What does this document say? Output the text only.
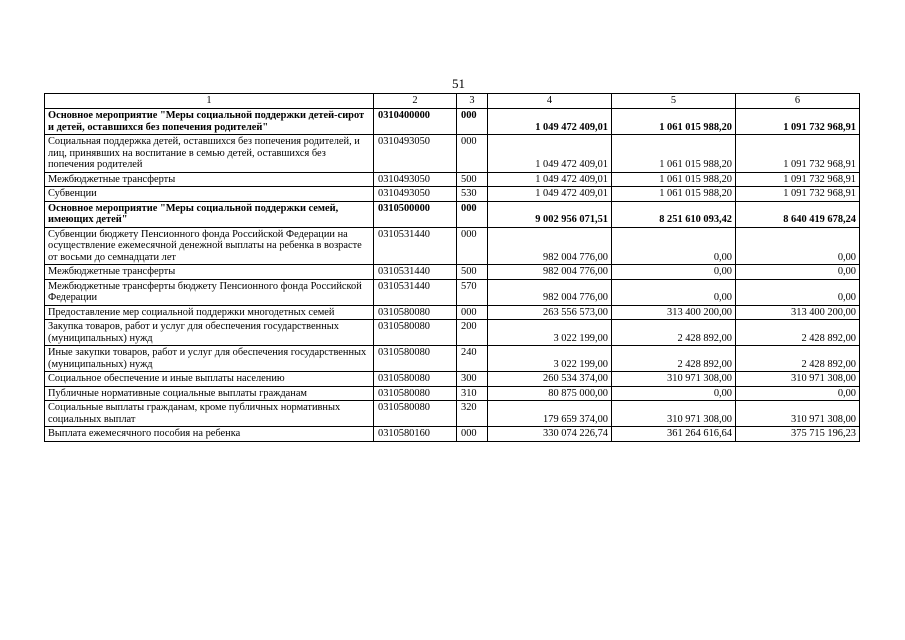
51
1	2	3	4	5	6
Основное мероприятие "Меры социальной поддержки детей-сирот и детей, оставшихся без попечения родителей"	0310400000	000	1 049 472 409,01	1 061 015 988,20	1 091 732 968,91
Социальная поддержка детей, оставшихся без попечения родителей, и лиц, принявших на воспитание в семью детей, оставшихся без попечения родителей	0310493050	000	1 049 472 409,01	1 061 015 988,20	1 091 732 968,91
Межбюджетные трансферты	0310493050	500	1 049 472 409,01	1 061 015 988,20	1 091 732 968,91
Субвенции	0310493050	530	1 049 472 409,01	1 061 015 988,20	1 091 732 968,91
Основное мероприятие "Меры социальной поддержки семей, имеющих детей"	0310500000	000	9 002 956 071,51	8 251 610 093,42	8 640 419 678,24
Субвенции бюджету Пенсионного фонда Российской Федерации на осуществление ежемесячной денежной выплаты на ребенка в возрасте от восьми до семнадцати лет	0310531440	000	982 004 776,00	0,00	0,00
Межбюджетные трансферты	0310531440	500	982 004 776,00	0,00	0,00
Межбюджетные трансферты бюджету Пенсионного фонда Российской Федерации	0310531440	570	982 004 776,00	0,00	0,00
Предоставление мер социальной поддержки многодетных семей	0310580080	000	263 556 573,00	313 400 200,00	313 400 200,00
Закупка товаров, работ и услуг для обеспечения государственных (муниципальных) нужд	0310580080	200	3 022 199,00	2 428 892,00	2 428 892,00
Иные закупки товаров, работ и услуг для обеспечения государственных (муниципальных) нужд	0310580080	240	3 022 199,00	2 428 892,00	2 428 892,00
Социальное обеспечение и иные выплаты населению	0310580080	300	260 534 374,00	310 971 308,00	310 971 308,00
Публичные нормативные социальные выплаты гражданам	0310580080	310	80 875 000,00	0,00	0,00
Социальные выплаты гражданам, кроме публичных нормативных социальных выплат	0310580080	320	179 659 374,00	310 971 308,00	310 971 308,00
Выплата ежемесячного пособия на ребенка	0310580160	000	330 074 226,74	361 264 616,64	375 715 196,23
